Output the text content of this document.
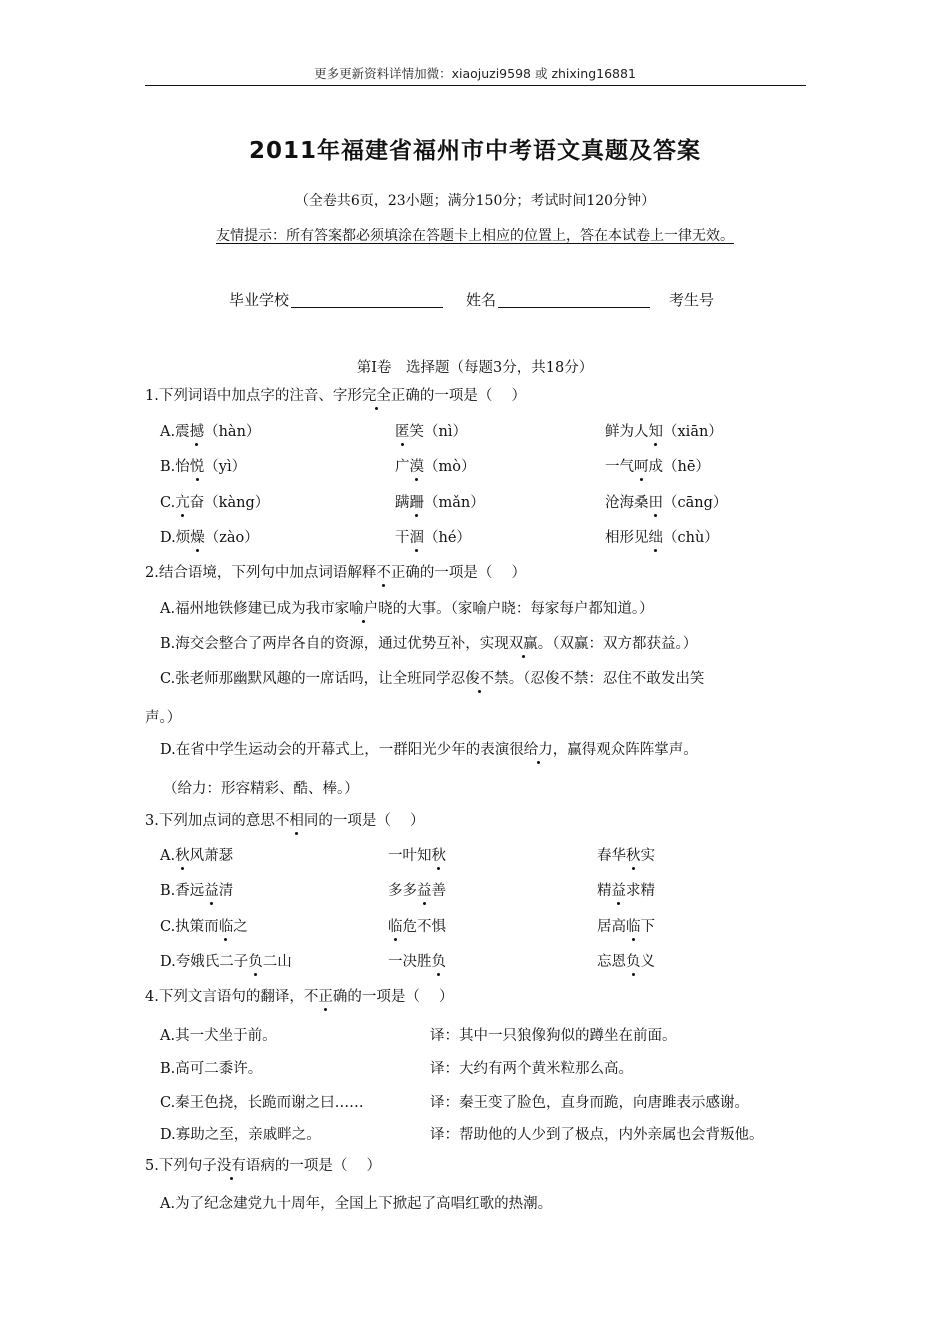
更多更新资料详情加微：xiaojuzi9598 或 zhixing16881
2011年福建省福州市中考语文真题及答案
（全卷共6页，23小题；满分150分；考试时间120分钟）
友情提示：所有答案都必须填涂在答题卡上相应的位置上，答在本试卷上一律无效。
毕业学校	姓名	考生号
第Ⅰ卷　选择题（每题3分，共18分）
1.下列词语中加点字的注音、字形完全正确的一项是（　 ）
A.震撼（hàn）	匿笑（nì）	鲜为人知（xiān）
B.怡悦（yì）	广漠（mò）	一气呵成（hē）
C.亢奋（kàng）	蹒跚（mǎn）	沧海桑田（cāng）
D.烦燥（zào）	干涸（hé）	相形见绌（chù）
2.结合语境，下列句中加点词语解释不正确的一项是（　 ）
A.福州地铁修建已成为我市家喻户晓的大事。（家喻户晓：每家每户都知道。）
B.海交会整合了两岸各自的资源，通过优势互补，实现双赢。（双赢：双方都获益。）
C.张老师那幽默风趣的一席话吗，让全班同学忍俊不禁。（忍俊不禁：忍住不敢发出笑
声。）
D.在省中学生运动会的开幕式上，一群阳光少年的表演很给力，赢得观众阵阵掌声。
（给力：形容精彩、酷、棒。）
3.下列加点词的意思不相同的一项是（　 ）
A.秋风萧瑟	一叶知秋	春华秋实
B.香远益清	多多益善	精益求精
C.执策而临之	临危不惧	居高临下
D.夸娥氏二子负二山	一决胜负	忘恩负义
4.下列文言语句的翻译，不正确的一项是（　 ）
A.其一犬坐于前。	译：其中一只狼像狗似的蹲坐在前面。
B.高可二黍许。	译：大约有两个黄米粒那么高。
C.秦王色挠，长跪而谢之曰……	译：秦王变了脸色，直身而跪，向唐雎表示感谢。
D.寡助之至，亲戚畔之。	译：帮助他的人少到了极点，内外亲属也会背叛他。
5.下列句子没有语病的一项是（　 ）
A.为了纪念建党九十周年，全国上下掀起了高唱红歌的热潮。
